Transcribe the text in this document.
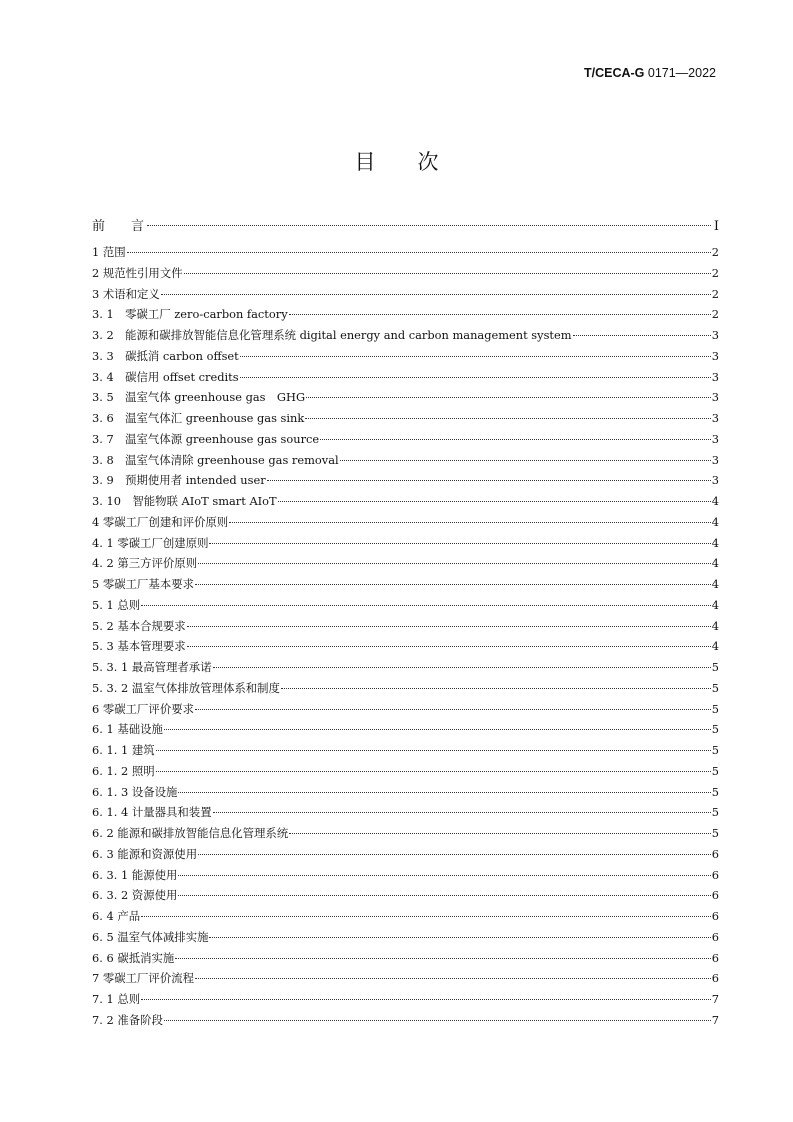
T/CECA-G 0171—2022
目 次
前　　言	I
1 范围	2
2 规范性引用文件	2
3 术语和定义	2
3. 1　零碳工厂 zero-carbon factory	2
3. 2　能源和碳排放智能信息化管理系统 digital energy and carbon management system	3
3. 3　碳抵消 carbon offset	3
3. 4　碳信用 offset credits	3
3. 5　温室气体 greenhouse gas　GHG	3
3. 6　温室气体汇 greenhouse gas sink	3
3. 7　温室气体源 greenhouse gas source	3
3. 8　温室气体清除 greenhouse gas removal	3
3. 9　预期使用者 intended user	3
3. 10　智能物联 AIoT smart AIoT	4
4 零碳工厂创建和评价原则	4
4. 1 零碳工厂创建原则	4
4. 2 第三方评价原则	4
5 零碳工厂基本要求	4
5. 1 总则	4
5. 2 基本合规要求	4
5. 3 基本管理要求	4
5. 3. 1 最高管理者承诺	5
5. 3. 2 温室气体排放管理体系和制度	5
6 零碳工厂评价要求	5
6. 1 基础设施	5
6. 1. 1 建筑	5
6. 1. 2 照明	5
6. 1. 3 设备设施	5
6. 1. 4 计量器具和装置	5
6. 2 能源和碳排放智能信息化管理系统	5
6. 3 能源和资源使用	6
6. 3. 1 能源使用	6
6. 3. 2 资源使用	6
6. 4 产品	6
6. 5 温室气体减排实施	6
6. 6 碳抵消实施	6
7 零碳工厂评价流程	6
7. 1 总则	7
7. 2 准备阶段	7
